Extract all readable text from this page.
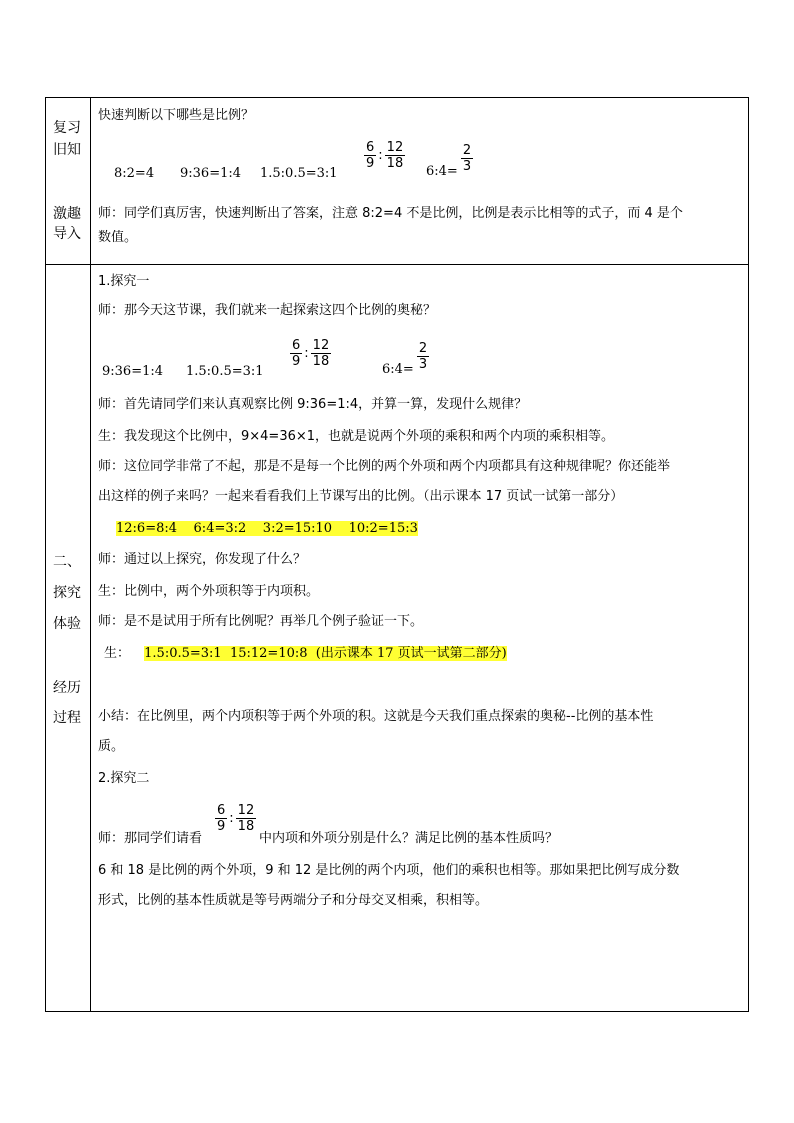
复习
旧知
激趣
导入
二、
探究
体验
经历
过程
快速判断以下哪些是比例？
8:2=4 9:36=1:4 1.5:0.5=3:1
$\frac{6}{9}$ : $\frac{12}{18}$
6:4= $\frac{2}{3}$
师：同学们真厉害，快速判断出了答案，注意 8:2=4 不是比例，比例是表示比相等的式子，而 4 是个
数值。
1.探究一
师：那今天这节课，我们就来一起探索这四个比例的奥秘？
9:36=1:4 1.5:0.5=3:1
$\frac{6}{9}$ : $\frac{12}{18}$
6:4= $\frac{2}{3}$
师：首先请同学们来认真观察比例 9:36=1:4，并算一算，发现什么规律？
生：我发现这个比例中，9×4=36×1，也就是说两个外项的乘积和两个内项的乘积相等。
师：这位同学非常了不起，那是不是每一个比例的两个外项和两个内项都具有这种规律呢？你还能举
出这样的例子来吗？一起来看看我们上节课写出的比例。（出示课本 17 页试一试第一部分）
12:6=8:4    6:4=3:2    3:2=15:10    10:2=15:3
师：通过以上探究，你发现了什么？
生：比例中，两个外项积等于内项积。
师：是不是试用于所有比例呢？再举几个例子验证一下。
生： 1.5:0.5=3:1  15:12=10:8  (出示课本 17 页试一试第二部分)
小结：在比例里，两个内项积等于两个外项的积。这就是今天我们重点探索的奥秘--比例的基本性
质。
2.探究二
师：那同学们请看
$\frac{6}{9}$ : $\frac{12}{18}$
中内项和外项分别是什么？满足比例的基本性质吗？
6 和 18 是比例的两个外项，9 和 12 是比例的两个内项，他们的乘积也相等。那如果把比例写成分数
形式，比例的基本性质就是等号两端分子和分母交叉相乘，积相等。
